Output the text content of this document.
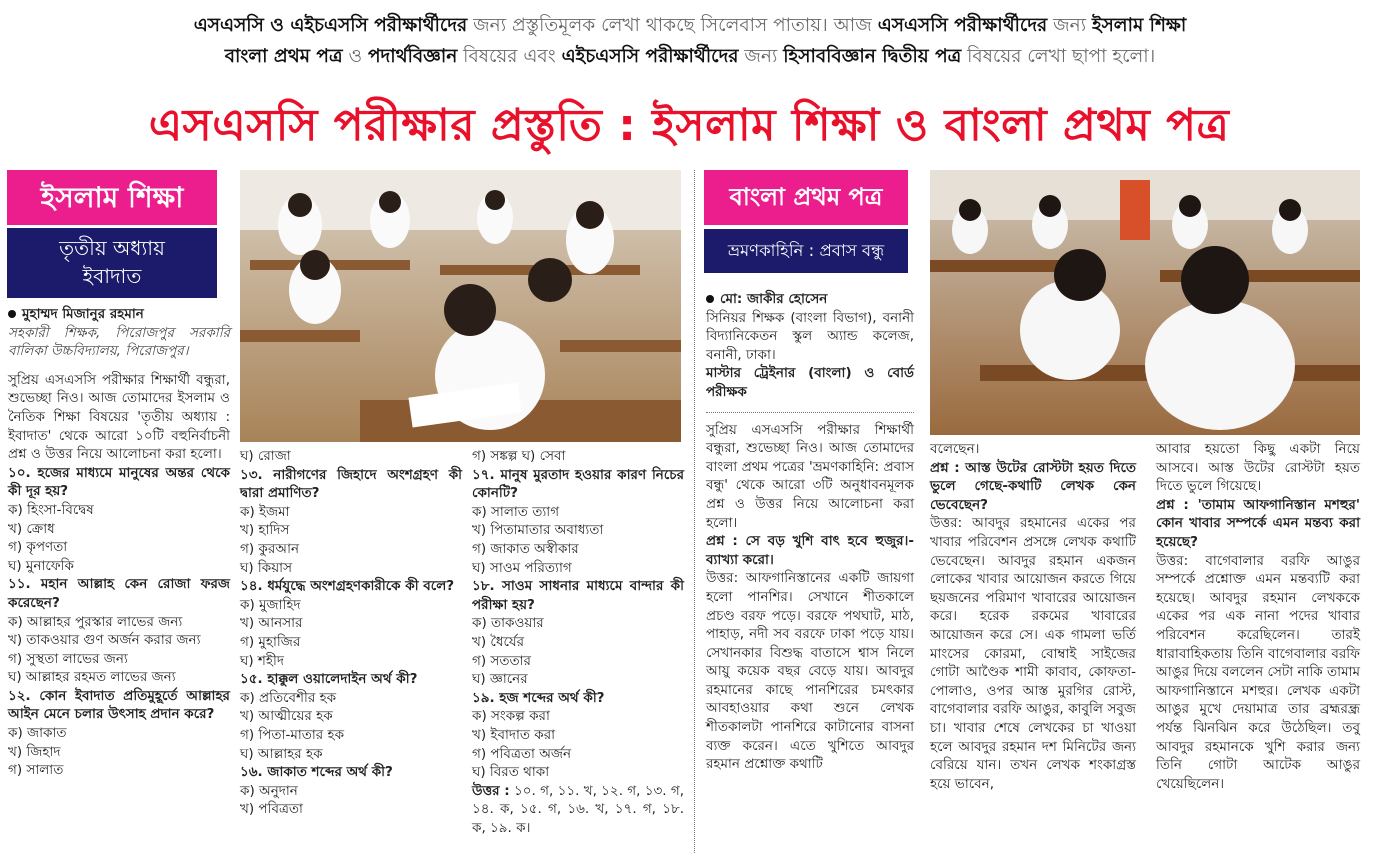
এসএসসি ও এইচএসসি পরীক্ষার্থীদের জন্য প্রস্তুতিমূলক লেখা থাকছে সিলেবাস পাতায়। আজ এসএসসি পরীক্ষার্থীদের জন্য ইসলাম শিক্ষা
বাংলা প্রথম পত্র ও পদার্থবিজ্ঞান বিষয়ের এবং এইচএসসি পরীক্ষার্থীদের জন্য হিসাববিজ্ঞান দ্বিতীয় পত্র বিষয়ের লেখা ছাপা হলো।
এসএসসি পরীক্ষার প্রস্তুতি : ইসলাম শিক্ষা ও বাংলা প্রথম পত্র
ইসলাম শিক্ষা
তৃতীয় অধ্যায়
ইবাদাত

মুহাম্মদ মিজানুর রহমান

সহকারী শিক্ষক, পিরোজপুর সরকারি বালিকা উচ্চবিদ্যালয়, পিরোজপুর।

সুপ্রিয় এসএসসি পরীক্ষার শিক্ষার্থী বন্ধুরা, শুভেচ্ছা নিও। আজ তোমাদের ইসলাম ও নৈতিক শিক্ষা বিষয়ের 'তৃতীয় অধ্যায় : ইবাদাত' থেকে আরো ১০টি বহুনির্বাচনী প্রশ্ন ও উত্তর নিয়ে আলোচনা করা হলো।

১০. হজের মাধ্যমে মানুষের অন্তর থেকে কী দূর হয়?

ক) হিংসা-বিদ্বেষ

খ) ক্রোধ

গ) কৃপণতা

ঘ) মুনাফেকি

১১. মহান আল্লাহ কেন রোজা ফরজ করেছেন?

ক) আল্লাহর পুরস্কার লাভের জন্য

খ) তাকওয়ার গুণ অর্জন করার জন্য

গ) সুস্থতা লাভের জন্য

ঘ) আল্লাহর রহমত লাভের জন্য

১২. কোন ইবাদাত প্রতিমুহূর্তে আল্লাহর আইন মেনে চলার উৎসাহ প্রদান করে?

ক) জাকাত

খ) জিহাদ

গ) সালাত

ঘ) রোজা

১৩. নারীগণের জিহাদে অংশগ্রহণ কী দ্বারা প্রমাণিত?

ক) ইজমা

খ) হাদিস

গ) কুরআন

ঘ) কিয়াস

১৪. ধর্মযুদ্ধে অংশগ্রহণকারীকে কী বলে?

ক) মুজাহিদ

খ) আনসার

গ) মুহাজির

ঘ) শহীদ

১৫. হাক্কুল ওয়ালেদাইন অর্থ কী?

ক) প্রতিবেশীর হক

খ) আত্মীয়ের হক

গ) পিতা-মাতার হক

ঘ) আল্লাহর হক

১৬. জাকাত শব্দের অর্থ কী?

ক) অনুদান

খ) পবিত্রতা

গ) সঙ্কল্প ঘ) সেবা

১৭. মানুষ মুরতাদ হওয়ার কারণ নিচের কোনটি?

ক) সালাত ত্যাগ

খ) পিতামাতার অবাধ্যতা

গ) জাকাত অস্বীকার

ঘ) সাওম পরিত্যাগ

১৮. সাওম সাধনার মাধ্যমে বান্দার কী পরীক্ষা হয়?

ক) তাকওয়ার

খ) ধৈর্যের

গ) সততার

ঘ) জ্ঞানের

১৯. হজ শব্দের অর্থ কী?

ক) সংকল্প করা

খ) ইবাদাত করা

গ) পবিত্রতা অর্জন

ঘ) বিরত থাকা

উত্তর : ১০. গ, ১১. খ, ১২. গ, ১৩. গ, ১৪. ক, ১৫. গ, ১৬. খ, ১৭. গ, ১৮. ক, ১৯. ক।

বাংলা প্রথম পত্র
ভ্রমণকাহিনি : প্রবাস বন্ধু

মো: জাকীর হোসেন

সিনিয়র শিক্ষক (বাংলা বিভাগ), বনানী বিদ্যানিকেতন স্কুল অ্যান্ড কলেজ, বনানী, ঢাকা।

মাস্টার ট্রেইনার (বাংলা) ও বোর্ড পরীক্ষক

সুপ্রিয় এসএসসি পরীক্ষার শিক্ষার্থী বন্ধুরা, শুভেচ্ছা নিও। আজ তোমাদের বাংলা প্রথম পত্রের 'ভ্রমণকাহিনি: প্রবাস বন্ধু' থেকে আরো ৩টি অনুধাবনমূলক প্রশ্ন ও উত্তর নিয়ে আলোচনা করা হলো।

প্রশ্ন : সে বড় খুশি বাৎ হবে হুজুর।- ব্যাখ্যা করো।

উত্তর: আফগানিস্তানের একটি জায়গা হলো পানশির। সেখানে শীতকালে প্রচণ্ড বরফ পড়ে। বরফে পথঘাট, মাঠ, পাহাড়, নদী সব বরফে ঢাকা পড়ে যায়। সেখানকার বিশুদ্ধ বাতাসে শ্বাস নিলে আয়ু কয়েক বছর বেড়ে যায়। আবদুর রহমানের কাছে পানশিরের চমৎকার আবহাওয়ার কথা শুনে লেখক শীতকালটা পানশিরে কাটানোর বাসনা ব্যক্ত করেন। এতে খুশিতে আবদুর রহমান প্রশ্নোক্ত কথাটি

বলেছেন।

প্রশ্ন : আস্ত উটের রোস্টটা হয়ত দিতে ভুলে গেছে-কথাটি লেখক কেন ভেবেছেন?

উত্তর: আবদুর রহমানের একের পর খাবার পরিবেশন প্রসঙ্গে লেখক কথাটি ভেবেছেন। আবদুর রহমান একজন লোকের খাবার আয়োজন করতে গিয়ে ছয়জনের পরিমাণ খাবারের আয়োজন করে। হরেক রকমের খাবারের আয়োজন করে সে। এক গামলা ভর্তি মাংসের কোরমা, বোম্বাই সাইজের গোটা আণ্ডৈক শামী কাবাব, কোফতা-পোলাও, ওপর আস্ত মুরগির রোস্ট, বাগেবালার বরফি আঙুর, কাবুলি সবুজ চা। খাবার শেষে লেখকের চা খাওয়া হলে আবদুর রহমান দশ মিনিটের জন্য বেরিয়ে যান। তখন লেখক শংকাগ্রস্ত হয়ে ভাবেন,

আবার হয়তো কিছু একটা নিয়ে আসবে। আস্ত উটের রোস্টটা হয়ত দিতে ভুলে গিয়েছে।

প্রশ্ন : 'তামাম আফগানিস্তান মশহুর' কোন খাবার সম্পর্কে এমন মন্তব্য করা হয়েছে?

উত্তর: বাগেবালার বরফি আঙুর সম্পর্কে প্রশ্নোক্ত এমন মন্তব্যটি করা হয়েছে। আবদুর রহমান লেখককে একের পর এক নানা পদের খাবার পরিবেশন করেছিলেন। তারই ধারাবাহিকতায় তিনি বাগেবালার বরফি আঙুর দিয়ে বললেন সেটা নাকি তামাম আফগানিস্তানে মশহুর। লেখক একটা আঙুর মুখে দেয়ামাত্র তার ব্রহ্মরন্ধ্র পর্যন্ত ঝিনঝিন করে উঠেছিল। তবু আবদুর রহমানকে খুশি করার জন্য তিনি গোটা আটেক আঙুর খেয়েছিলেন।
